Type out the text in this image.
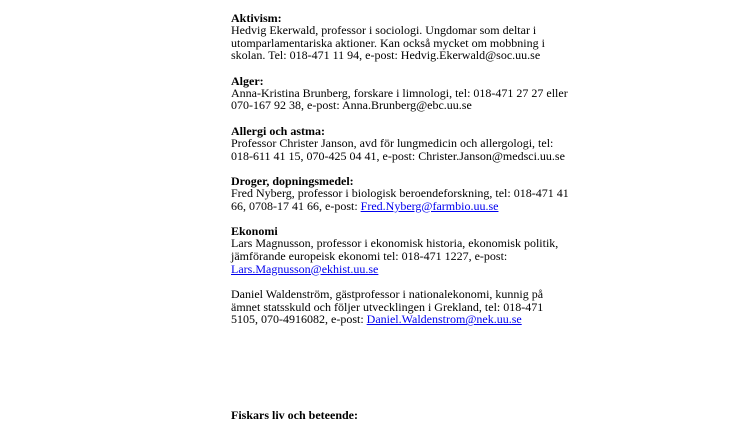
Aktivism:
Hedvig Ekerwald, professor i sociologi. Ungdomar som deltar i
utomparlamentariska aktioner. Kan också mycket om mobbning i
skolan. Tel: 018-471 11 94, e-post: Hedvig.Ekerwald@soc.uu.se
Alger:
Anna-Kristina Brunberg, forskare i limnologi, tel: 018-471 27 27 eller
070-167 92 38, e-post: Anna.Brunberg@ebc.uu.se
Allergi och astma:
Professor Christer Janson, avd för lungmedicin och allergologi, tel:
018-611 41 15, 070-425 04 41, e-post: Christer.Janson@medsci.uu.se
Droger, dopningsmedel:
Fred Nyberg, professor i biologisk beroendeforskning, tel: 018-471 41
66, 0708-17 41 66, e-post: Fred.Nyberg@farmbio.uu.se
Ekonomi
Lars Magnusson, professor i ekonomisk historia, ekonomisk politik,
jämförande europeisk ekonomi tel: 018-471 1227, e-post:
Lars.Magnusson@ekhist.uu.se
Daniel Waldenström, gästprofessor i nationalekonomi, kunnig på
ämnet statsskuld och följer utvecklingen i Grekland, tel: 018-471
5105, 070-4916082, e-post: Daniel.Waldenstrom@nek.uu.se
Fiskars liv och beteende:
